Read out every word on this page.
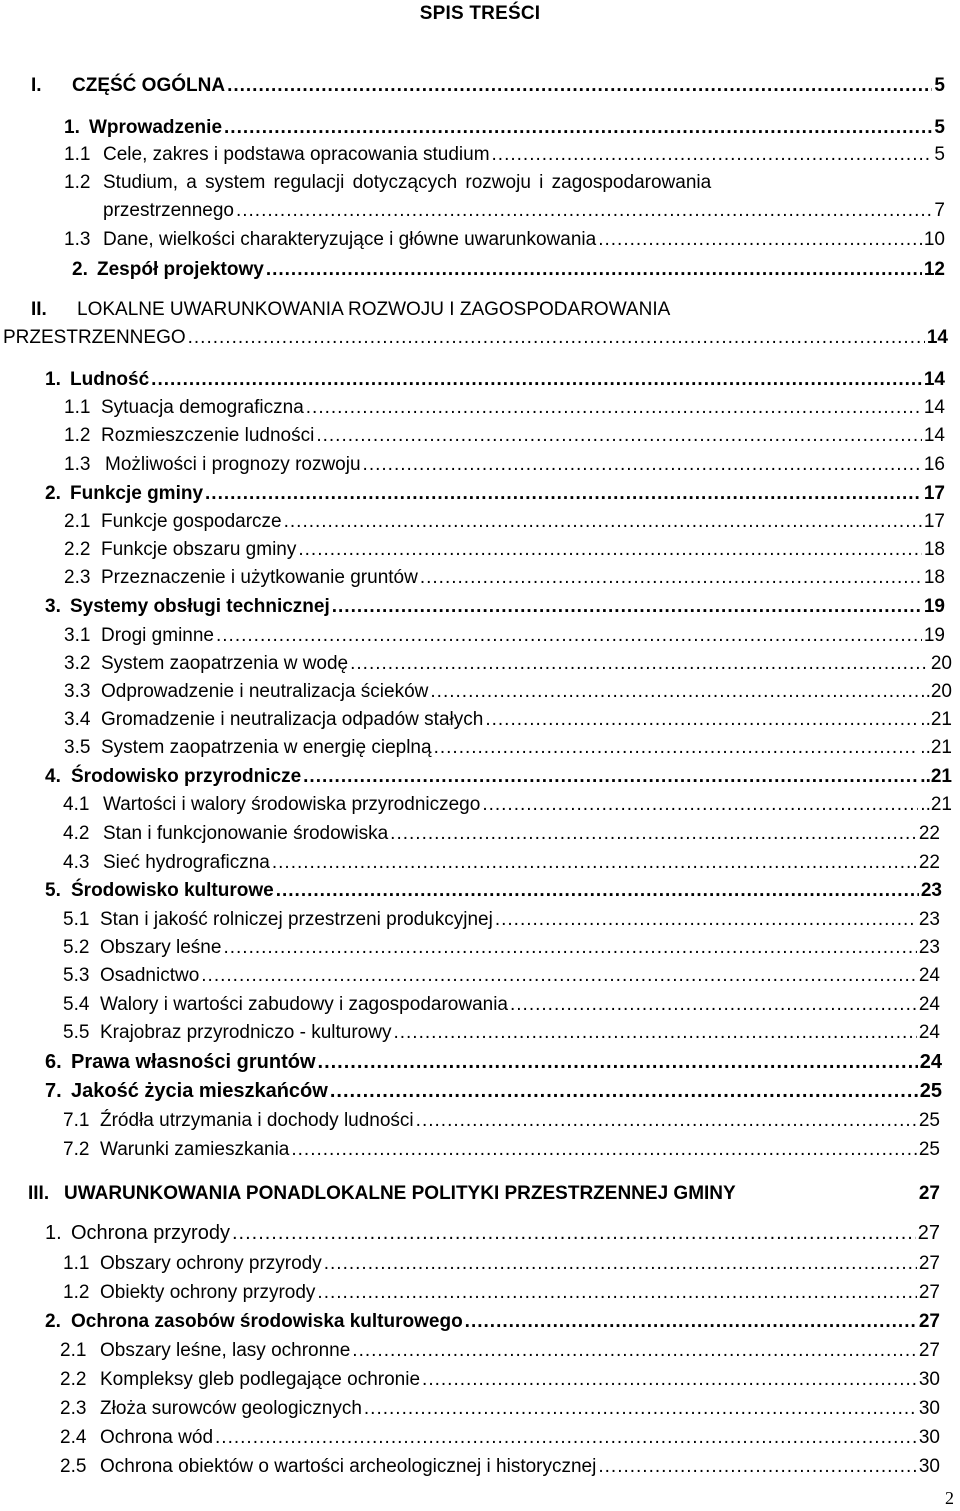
SPIS TREŚCI
I.	CZĘŚĆ OGÓLNA .....	5
1. Wprowadzenie .....	5
1.1 Cele, zakres i podstawa opracowania studium .....	5
1.2 Studium, a system regulacji dotyczących rozwoju i zagospodarowania
przestrzennego .....	7
1.3 Dane, wielkości charakteryzujące i główne uwarunkowania .....	10
2. Zespół projektowy .....	12
II. LOKALNE UWARUNKOWANIA ROZWOJU I ZAGOSPODAROWANIA
PRZESTRZENNEGO .....	14
1. Ludność .....	14
1.1 Sytuacja demograficzna .....	14
1.2 Rozmieszczenie ludności .....	14
1.3 Możliwości i prognozy rozwoju .....	16
2. Funkcje gminy .....	17
2.1 Funkcje gospodarcze .....	17
2.2 Funkcje obszaru gminy .....	18
2.3 Przeznaczenie i użytkowanie gruntów .....	18
3. Systemy obsługi technicznej .....	19
3.1 Drogi gminne .....	19
3.2 System zaopatrzenia w wodę .....	20
3.3 Odprowadzenie i neutralizacja ścieków .....	..20
3.4 Gromadzenie i neutralizacja odpadów stałych .....	..21
3.5 System zaopatrzenia w energię cieplną .....	..21
4. Środowisko przyrodnicze .....	..21
4.1 Wartości i walory środowiska przyrodniczego .....	..21
4.2 Stan i funkcjonowanie środowiska .....	22
4.3 Sieć hydrograficzna .....	22
5. Środowisko kulturowe .....	23
5.1 Stan i jakość rolniczej przestrzeni produkcyjnej .....	23
5.2 Obszary leśne .....	23
5.3 Osadnictwo .....	24
5.4 Walory i wartości zabudowy i zagospodarowania .....	24
5.5 Krajobraz przyrodniczo - kulturowy .....	24
6. Prawa własności gruntów .....	24
7. Jakość życia mieszkańców .....	25
7.1 Źródła utrzymania i dochody ludności .....	25
7.2 Warunki zamieszkania .....	25
III. UWARUNKOWANIA PONADLOKALNE POLITYKI PRZESTRZENNEJ GMINY	27
1. Ochrona przyrody .....	27
1.1 Obszary ochrony przyrody .....	27
1.2 Obiekty ochrony przyrody .....	27
2. Ochrona zasobów środowiska kulturowego .....	27
2.1 Obszary leśne, lasy ochronne .....	27
2.2 Kompleksy gleb podlegające ochronie .....	30
2.3 Złoża surowców geologicznych .....	30
2.4 Ochrona wód .....	30
2.5 Ochrona obiektów o wartości archeologicznej i historycznej .....	30
2
